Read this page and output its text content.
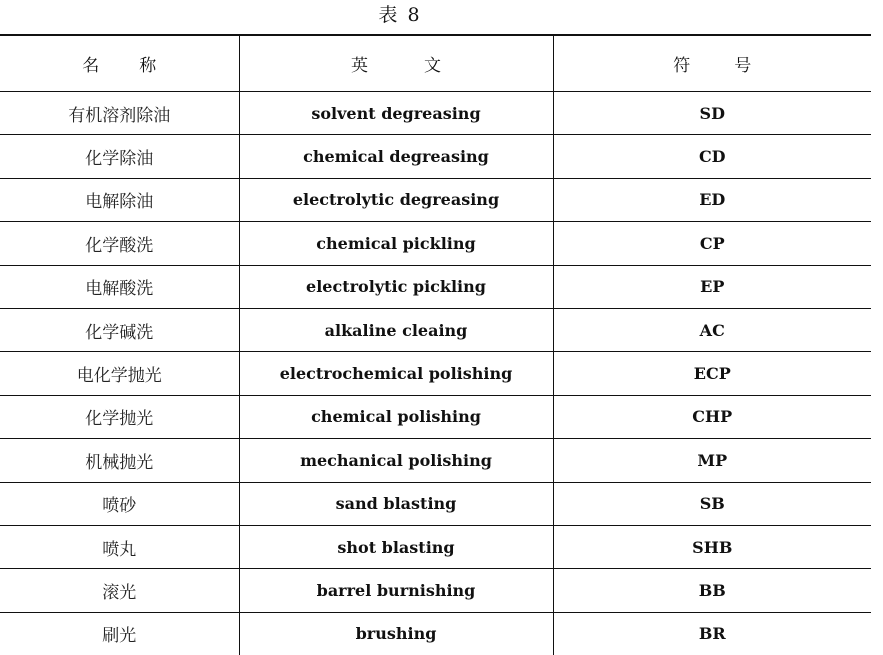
表 8
名称	英文	符号
有机溶剂除油	solvent degreasing	SD
化学除油	chemical degreasing	CD
电解除油	electrolytic degreasing	ED
化学酸洗	chemical pickling	CP
电解酸洗	electrolytic pickling	EP
化学碱洗	alkaline cleaing	AC
电化学抛光	electrochemical polishing	ECP
化学抛光	chemical polishing	CHP
机械抛光	mechanical polishing	MP
喷砂	sand blasting	SB
喷丸	shot blasting	SHB
滚光	barrel burnishing	BB
刷光	brushing	BR
